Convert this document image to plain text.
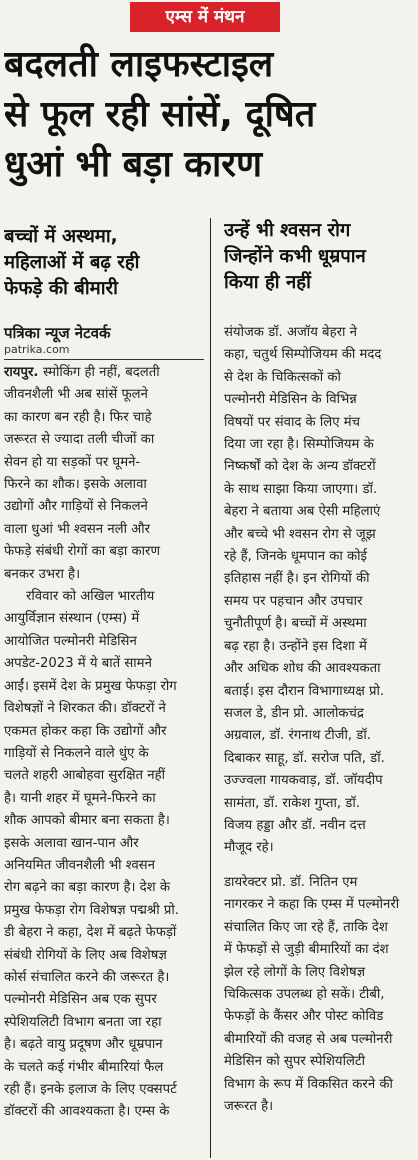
एम्स में मंथन
बदलती लाइफस्टाइल
से फूल रही सांसें, दूषित
धुआं भी बड़ा कारण
बच्चों में अस्थमा,
महिलाओं में बढ़ रही
फेफड़े की बीमारी
उन्हें भी श्वसन रोग
जिन्होंने कभी धूम्रपान
किया ही नहीं
पत्रिका न्यूज नेटवर्क
patrika.com
रायपुर. स्मोकिंग ही नहीं, बदलती
जीवनशैली भी अब सांसें फूलने
का कारण बन रही है। फिर चाहे
जरूरत से ज्यादा तली चीजों का
सेवन हो या सड़कों पर घूमने-
फिरने का शौक। इसके अलावा
उद्योगों और गाड़ियों से निकलने
वाला धुआं भी श्वसन नली और
फेफड़े संबंधी रोगों का बड़ा कारण
बनकर उभरा है।
रविवार को अखिल भारतीय
आयुर्विज्ञान संस्थान (एम्स) में
आयोजित पल्मोनरी मेडिसिन
अपडेट-2023 में ये बातें सामने
आईं। इसमें देश के प्रमुख फेफड़ा रोग
विशेषज्ञों ने शिरकत की। डॉक्टरों ने
एकमत होकर कहा कि उद्योगों और
गाड़ियों से निकलने वाले धुंए के
चलते शहरी आबोहवा सुरक्षित नहीं
है। यानी शहर में घूमने-फिरने का
शौक आपको बीमार बना सकता है।
इसके अलावा खान-पान और
अनियमित जीवनशैली भी श्वसन
रोग बढ़ने का बड़ा कारण है। देश के
प्रमुख फेफड़ा रोग विशेषज्ञ पद्मश्री प्रो.
डी बेहरा ने कहा, देश में बढ़ते फेफड़ों
संबंधी रोगियों के लिए अब विशेषज्ञ
कोर्स संचालित करने की जरूरत है।
पल्मोनरी मेडिसिन अब एक सुपर
स्पेशियलिटी विभाग बनता जा रहा
है। बढ़ते वायु प्रदूषण और धूम्रपान
के चलते कई गंभीर बीमारियां फैल
रही हैं। इनके इलाज के लिए एक्सपर्ट
डॉक्टरों की आवश्यकता है। एम्स के
संयोजक डॉ. अजॉय बेहरा ने
कहा, चतुर्थ सिम्पोजियम की मदद
से देश के चिकित्सकों को
पल्मोनरी मेडिसिन के विभिन्न
विषयों पर संवाद के लिए मंच
दिया जा रहा है। सिम्पोजियम के
निष्कर्षों को देश के अन्य डॉक्टरों
के साथ साझा किया जाएगा। डॉ.
बेहरा ने बताया अब ऐसी महिलाएं
और बच्चे भी श्वसन रोग से जूझ
रहे हैं, जिनके धूमपान का कोई
इतिहास नहीं है। इन रोगियों की
समय पर पहचान और उपचार
चुनौतीपूर्ण है। बच्चों में अस्थमा
बढ़ रहा है। उन्होंने इस दिशा में
और अधिक शोध की आवश्यकता
बताई। इस दौरान विभागाध्यक्ष प्रो.
सजल डे, डीन प्रो. आलोकचंद्र
अग्रवाल, डॉ. रंगनाथ टीजी, डॉ.
दिबाकर साहू, डॉ. सरोज पति, डॉ.
उज्ज्वला गायकवाड़, डॉ. जॉयदीप
सामंता, डॉ. राकेश गुप्ता, डॉ.
विजय हड्डा और डॉ. नवीन दत्त
मौजूद रहे।
डायरेक्टर प्रो. डॉ. नितिन एम
नागरकर ने कहा कि एम्स में पल्मोनरी
संचालित किए जा रहे हैं, ताकि देश
में फेफड़ों से जुड़ी बीमारियों का दंश
झेल रहे लोगों के लिए विशेषज्ञ
चिकित्सक उपलब्ध हो सकें। टीबी,
फेफड़ों के कैंसर और पोस्ट कोविड
बीमारियों की वजह से अब पल्मोनरी
मेडिसिन को सुपर स्पेशियलिटी
विभाग के रूप में विकसित करने की
जरूरत है।
